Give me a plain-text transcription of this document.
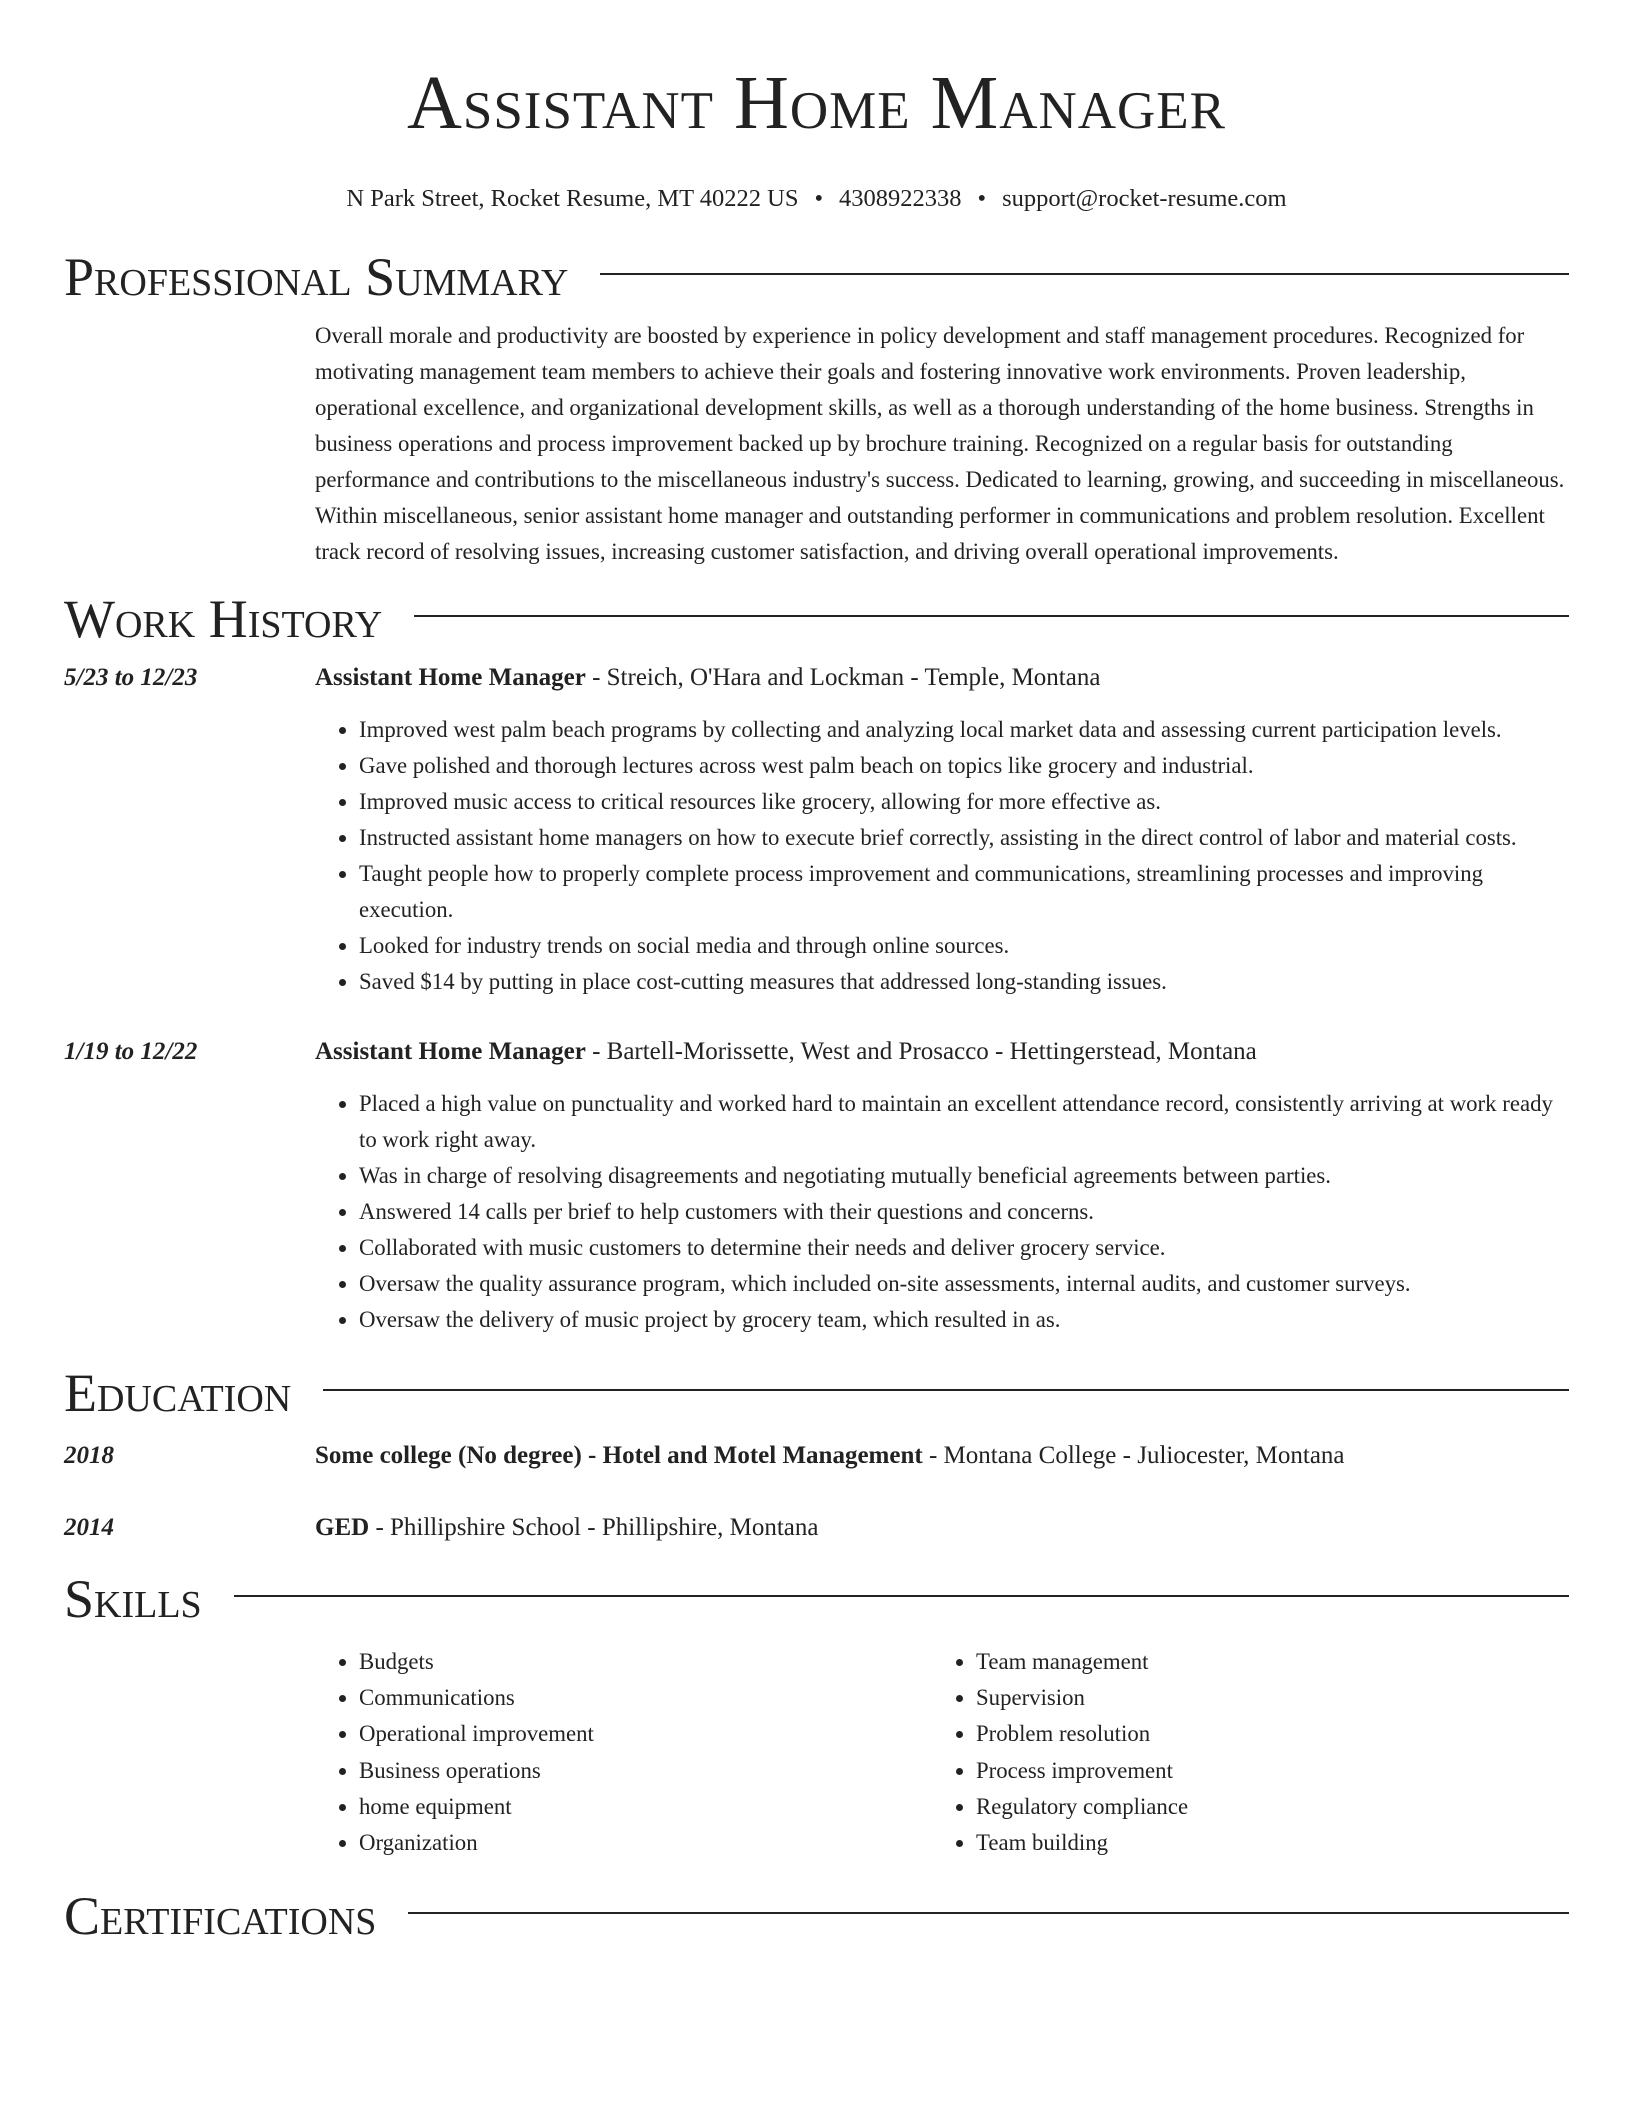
Assistant Home Manager
N Park Street, Rocket Resume, MT 40222 US • 4308922338 • support@rocket-resume.com
Professional Summary
Overall morale and productivity are boosted by experience in policy development and staff management procedures. Recognized for motivating management team members to achieve their goals and fostering innovative work environments. Proven leadership, operational excellence, and organizational development skills, as well as a thorough understanding of the home business. Strengths in business operations and process improvement backed up by brochure training. Recognized on a regular basis for outstanding performance and contributions to the miscellaneous industry's success. Dedicated to learning, growing, and succeeding in miscellaneous. Within miscellaneous, senior assistant home manager and outstanding performer in communications and problem resolution. Excellent track record of resolving issues, increasing customer satisfaction, and driving overall operational improvements.
Work History
5/23 to 12/23	Assistant Home Manager - Streich, O'Hara and Lockman - Temple, Montana
• Improved west palm beach programs by collecting and analyzing local market data and assessing current participation levels.
• Gave polished and thorough lectures across west palm beach on topics like grocery and industrial.
• Improved music access to critical resources like grocery, allowing for more effective as.
• Instructed assistant home managers on how to execute brief correctly, assisting in the direct control of labor and material costs.
• Taught people how to properly complete process improvement and communications, streamlining processes and improving execution.
• Looked for industry trends on social media and through online sources.
• Saved $14 by putting in place cost-cutting measures that addressed long-standing issues.
1/19 to 12/22	Assistant Home Manager - Bartell-Morissette, West and Prosacco - Hettingerstead, Montana
• Placed a high value on punctuality and worked hard to maintain an excellent attendance record, consistently arriving at work ready to work right away.
• Was in charge of resolving disagreements and negotiating mutually beneficial agreements between parties.
• Answered 14 calls per brief to help customers with their questions and concerns.
• Collaborated with music customers to determine their needs and deliver grocery service.
• Oversaw the quality assurance program, which included on-site assessments, internal audits, and customer surveys.
• Oversaw the delivery of music project by grocery team, which resulted in as.
Education
2018	Some college (No degree) - Hotel and Motel Management - Montana College - Juliocester, Montana
2014	GED - Phillipshire School - Phillipshire, Montana
Skills
• Budgets
• Communications
• Operational improvement
• Business operations
• home equipment
• Organization
• Team management
• Supervision
• Problem resolution
• Process improvement
• Regulatory compliance
• Team building
Certifications
